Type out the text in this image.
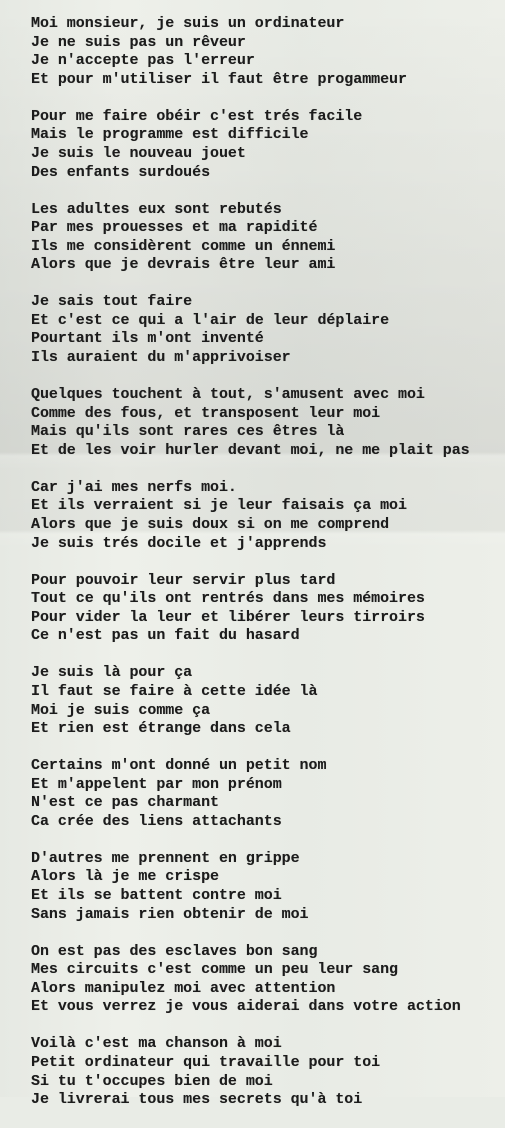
Moi monsieur, je suis un ordinateur
Je ne suis pas un rêveur
Je n'accepte pas l'erreur
Et pour m'utiliser il faut être progammeur
Pour me faire obéir c'est trés facile
Mais le programme est difficile
Je suis le nouveau jouet
Des enfants surdoués
Les adultes eux sont rebutés
Par mes prouesses et ma rapidité
Ils me considèrent comme un énnemi
Alors que je devrais être leur ami
Je sais tout faire
Et c'est ce qui a l'air de leur déplaire
Pourtant ils m'ont inventé
Ils auraient du m'apprivoiser
Quelques touchent à tout, s'amusent avec moi
Comme des fous, et transposent leur moi
Mais qu'ils sont rares ces êtres là
Et de les voir hurler devant moi, ne me plait pas
Car j'ai mes nerfs moi.
Et ils verraient si je leur faisais ça moi
Alors que je suis doux si on me comprend
Je suis trés docile et j'apprends
Pour pouvoir leur servir plus tard
Tout ce qu'ils ont rentrés dans mes mémoires
Pour vider la leur et libérer leurs tirroirs
Ce n'est pas un fait du hasard
Je suis là pour ça
Il faut se faire à cette idée là
Moi je suis comme ça
Et rien est étrange dans cela
Certains m'ont donné un petit nom
Et m'appelent par mon prénom
N'est ce pas charmant
Ca crée des liens attachants
D'autres me prennent en grippe
Alors là je me crispe
Et ils se battent contre moi
Sans jamais rien obtenir de moi
On est pas des esclaves bon sang
Mes circuits c'est comme un peu leur sang
Alors manipulez moi avec attention
Et vous verrez je vous aiderai dans votre action
Voilà c'est ma chanson à moi
Petit ordinateur qui travaille pour toi
Si tu t'occupes bien de moi
Je livrerai tous mes secrets qu'à toi
